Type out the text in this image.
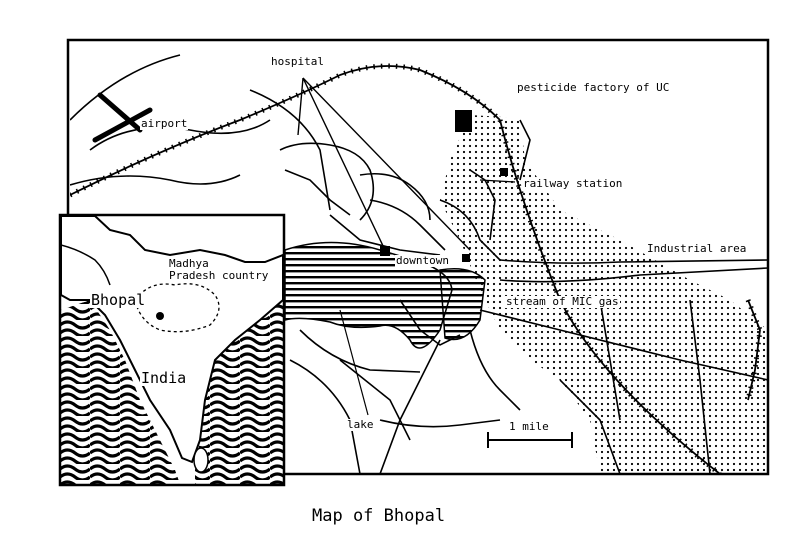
hospital
airport
pesticide factory of UC
railway station
Industrial area
downtown
stream of MIC gas
lake	1 mile
Madhya
Pradesh country
Bhopal
India
Map of Bhopal
